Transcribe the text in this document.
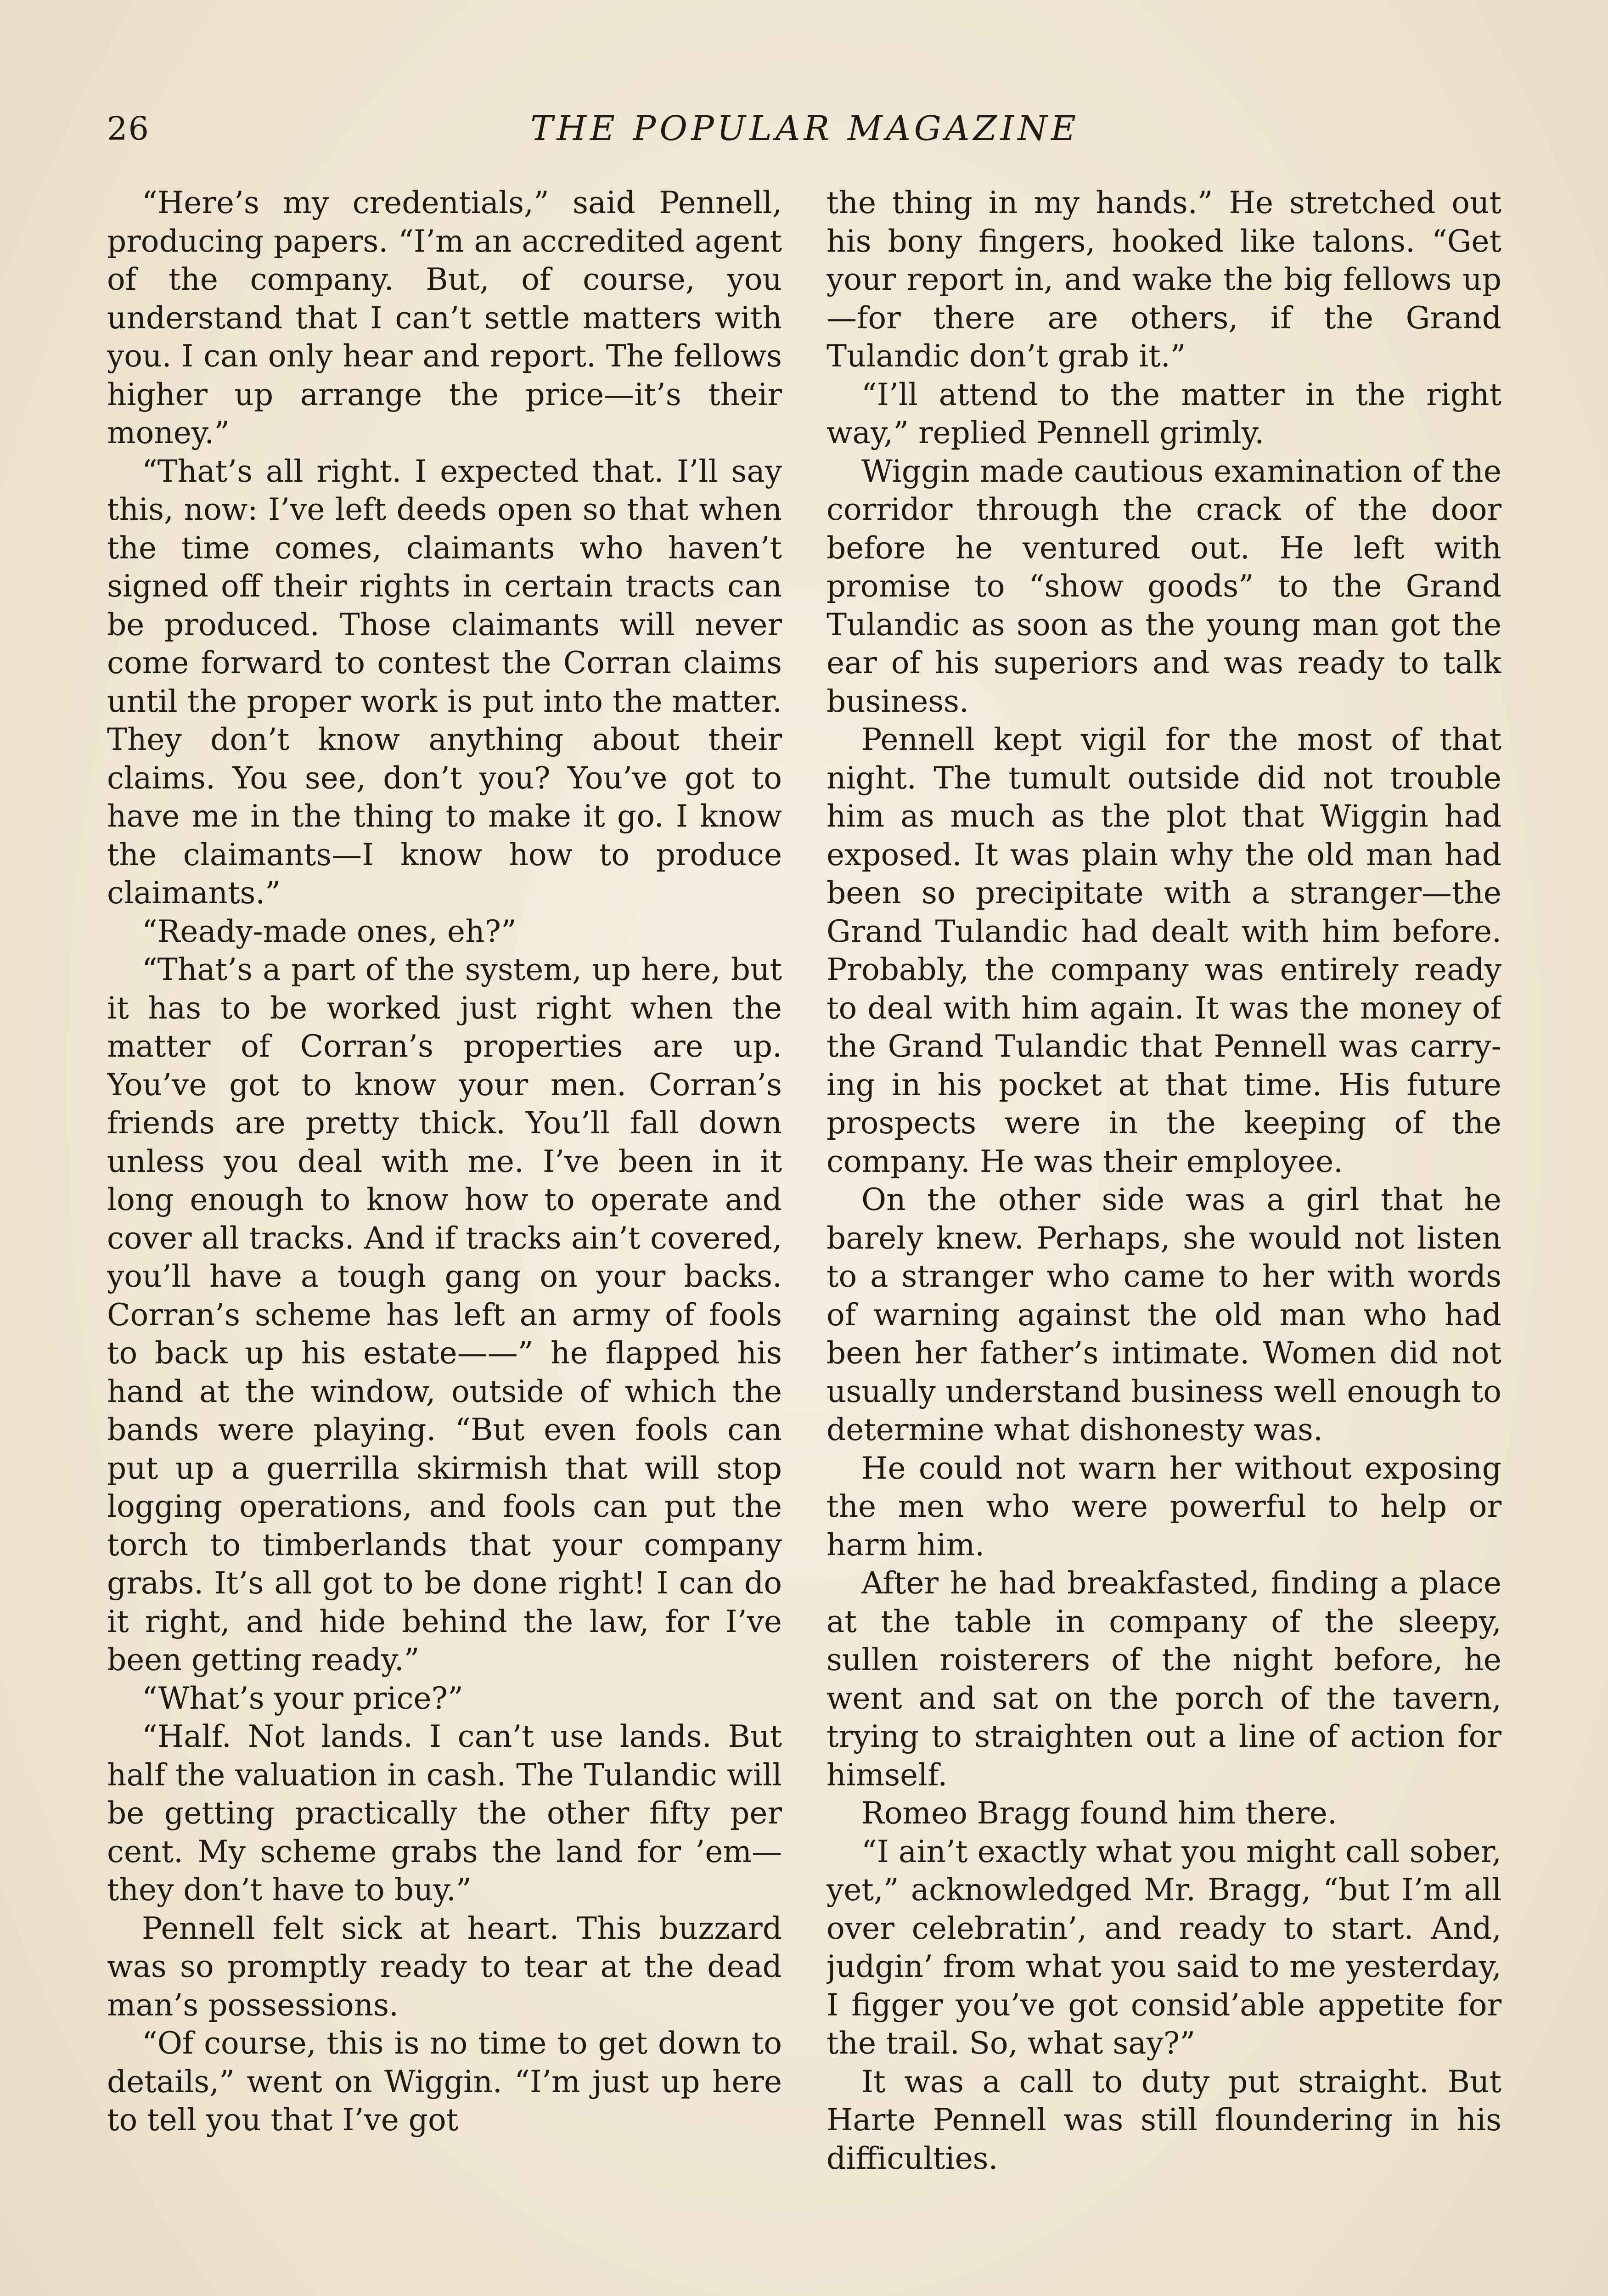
26	THE POPULAR MAGAZINE

“Here’s my credentials,” said Pennell, producing papers. “I’m an accredited agent of the company. But, of course, you understand that I can’t settle matters with you. I can only hear and report. The fellows higher up arrange the price—it’s their money.”

“That’s all right. I expected that. I’ll say this, now: I’ve left deeds open so that when the time comes, claimants who haven’t signed off their rights in certain tracts can be produced. Those claimants will never come forward to contest the Corran claims until the proper work is put into the matter. They don’t know anything about their claims. You see, don’t you? You’ve got to have me in the thing to make it go. I know the claimants—I know how to produce claimants.”

“Ready-made ones, eh?”

“That’s a part of the system, up here, but it has to be worked just right when the matter of Corran’s properties are up. You’ve got to know your men. Corran’s friends are pretty thick. You’ll fall down unless you deal with me. I’ve been in it long enough to know how to operate and cover all tracks. And if tracks ain’t covered, you’ll have a tough gang on your backs. Corran’s scheme has left an army of fools to back up his estate——” he flapped his hand at the window, outside of which the bands were playing. “But even fools can put up a guerrilla skirmish that will stop logging operations, and fools can put the torch to timberlands that your company grabs. It’s all got to be done right! I can do it right, and hide behind the law, for I’ve been getting ready.”

“What’s your price?”

“Half. Not lands. I can’t use lands. But half the valuation in cash. The Tulandic will be getting practically the other fifty per cent. My scheme grabs the land for ’em—they don’t have to buy.”

Pennell felt sick at heart. This buzzard was so promptly ready to tear at the dead man’s possessions.

“Of course, this is no time to get down to details,” went on Wiggin. “I’m just up here to tell you that I’ve got

the thing in my hands.” He stretched out his bony fingers, hooked like talons. “Get your report in, and wake the big fellows up—for there are others, if the Grand Tulandic don’t grab it.”

“I’ll attend to the matter in the right way,” replied Pennell grimly.

Wiggin made cautious examination of the corridor through the crack of the door before he ventured out. He left with promise to “show goods” to the Grand Tulandic as soon as the young man got the ear of his superiors and was ready to talk business.

Pennell kept vigil for the most of that night. The tumult outside did not trouble him as much as the plot that Wiggin had exposed. It was plain why the old man had been so precipitate with a stranger—the Grand Tulandic had dealt with him before. Probably, the company was entirely ready to deal with him again. It was the money of the Grand Tulandic that Pennell was carrying in his pocket at that time. His future prospects were in the keeping of the company. He was their employee.

On the other side was a girl that he barely knew. Perhaps, she would not listen to a stranger who came to her with words of warning against the old man who had been her father’s intimate. Women did not usually understand business well enough to determine what dishonesty was.

He could not warn her without exposing the men who were powerful to help or harm him.

After he had breakfasted, finding a place at the table in company of the sleepy, sullen roisterers of the night before, he went and sat on the porch of the tavern, trying to straighten out a line of action for himself.

Romeo Bragg found him there.

“I ain’t exactly what you might call sober, yet,” acknowledged Mr. Bragg, “but I’m all over celebratin’, and ready to start. And, judgin’ from what you said to me yesterday, I figger you’ve got consid’able appetite for the trail. So, what say?”

It was a call to duty put straight. But Harte Pennell was still floundering in his difficulties.
